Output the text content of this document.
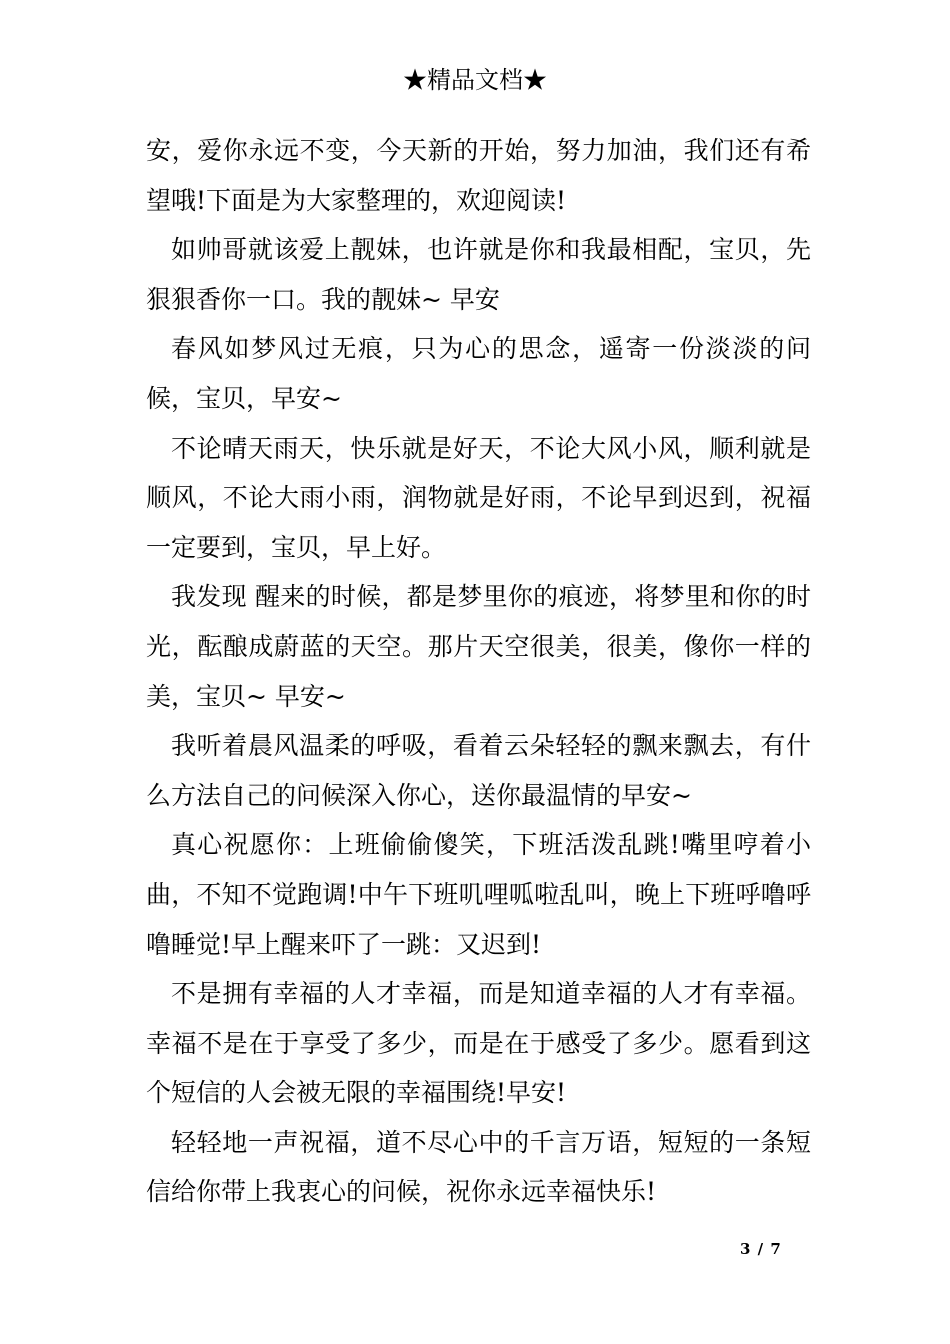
★精品文档★

安，爱你永远不变，今天新的开始，努力加油，我们还有希望哦!下面是为大家整理的，欢迎阅读!

如帅哥就该爱上靓妹，也许就是你和我最相配，宝贝，先狠狠香你一口。我的靓妹~ 早安

春风如梦风过无痕，只为心的思念，遥寄一份淡淡的问候，宝贝，早安~

不论晴天雨天，快乐就是好天，不论大风小风，顺利就是顺风，不论大雨小雨，润物就是好雨，不论早到迟到，祝福一定要到，宝贝，早上好。

我发现 醒来的时候，都是梦里你的痕迹，将梦里和你的时光，酝酿成蔚蓝的天空。那片天空很美，很美，像你一样的美，宝贝~ 早安~

我听着晨风温柔的呼吸，看着云朵轻轻的飘来飘去，有什么方法自己的问候深入你心，送你最温情的早安~

真心祝愿你：上班偷偷傻笑，下班活泼乱跳!嘴里哼着小曲，不知不觉跑调!中午下班叽哩呱啦乱叫，晚上下班呼噜呼噜睡觉!早上醒来吓了一跳：又迟到!

不是拥有幸福的人才幸福，而是知道幸福的人才有幸福。幸福不是在于享受了多少，而是在于感受了多少。愿看到这个短信的人会被无限的幸福围绕!早安!

轻轻地一声祝福，道不尽心中的千言万语，短短的一条短信给你带上我衷心的问候，祝你永远幸福快乐!

3 / 7
